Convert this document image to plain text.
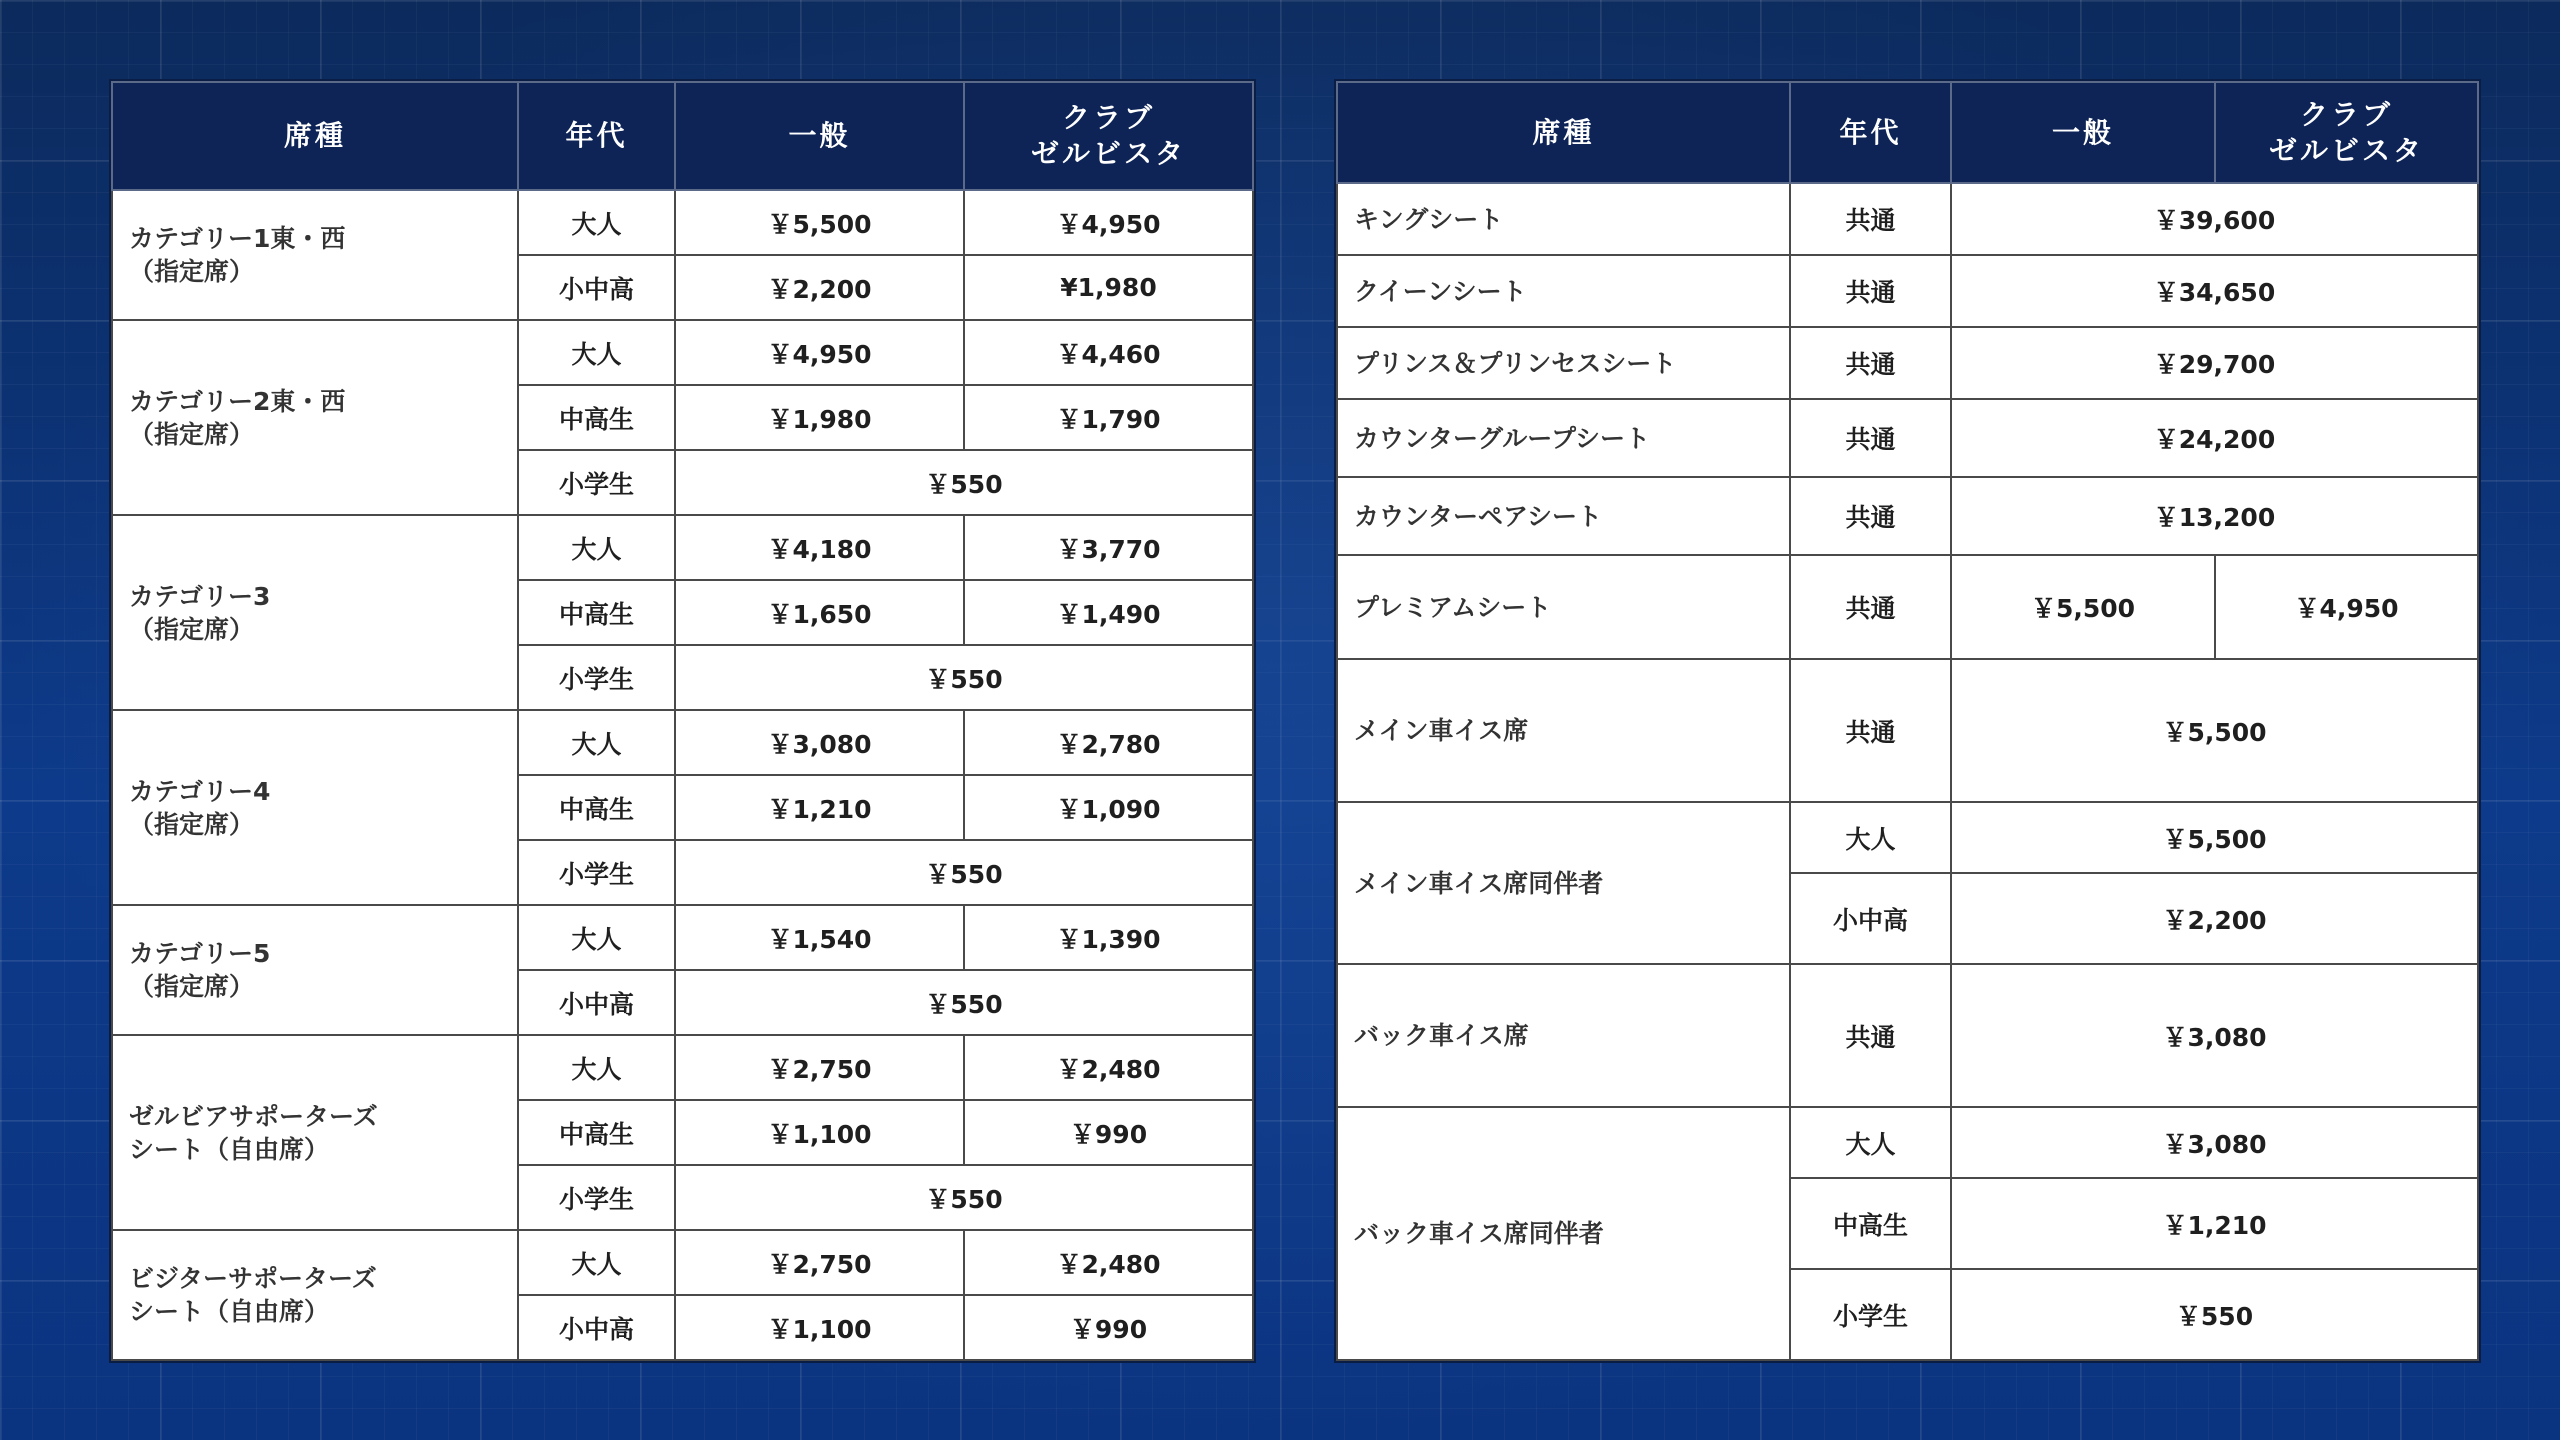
席種	年代	一般	クラブ
ゼルビスタ

カテゴリー1東・西
（指定席）	大人	￥5,500	￥4,950
	小中高	￥2,200	¥1,980

カテゴリー2東・西
（指定席）	大人	￥4,950	￥4,460
	中高生	￥1,980	￥1,790
	小学生	￥550	

カテゴリー3
（指定席）	大人	￥4,180	￥3,770
	中高生	￥1,650	￥1,490
	小学生	￥550	

カテゴリー4
（指定席）	大人	￥3,080	￥2,780
	中高生	￥1,210	￥1,090
	小学生	￥550	

カテゴリー5
（指定席）	大人	￥1,540	￥1,390
	小中高	￥550	

ゼルビアサポーターズ
シート（自由席）	大人	￥2,750	￥2,480
	中高生	￥1,100	￥990
	小学生	￥550	

ビジターサポーターズ
シート（自由席）	大人	￥2,750	￥2,480
	小中高	￥1,100	￥990
席種	年代	一般	クラブ
ゼルビスタ

キングシート	共通	￥39,600	
クイーンシート	共通	￥34,650	
プリンス＆プリンセスシート	共通	￥29,700	
カウンターグループシート	共通	￥24,200	
カウンターペアシート	共通	￥13,200	
プレミアムシート	共通	￥5,500	￥4,950
メイン車イス席	共通	￥5,500	
メイン車イス席同伴者	大人	￥5,500	
	小中高	￥2,200	
バック車イス席	共通	￥3,080	
バック車イス席同伴者	大人	￥3,080	
	中高生	￥1,210	
	小学生	￥550	
